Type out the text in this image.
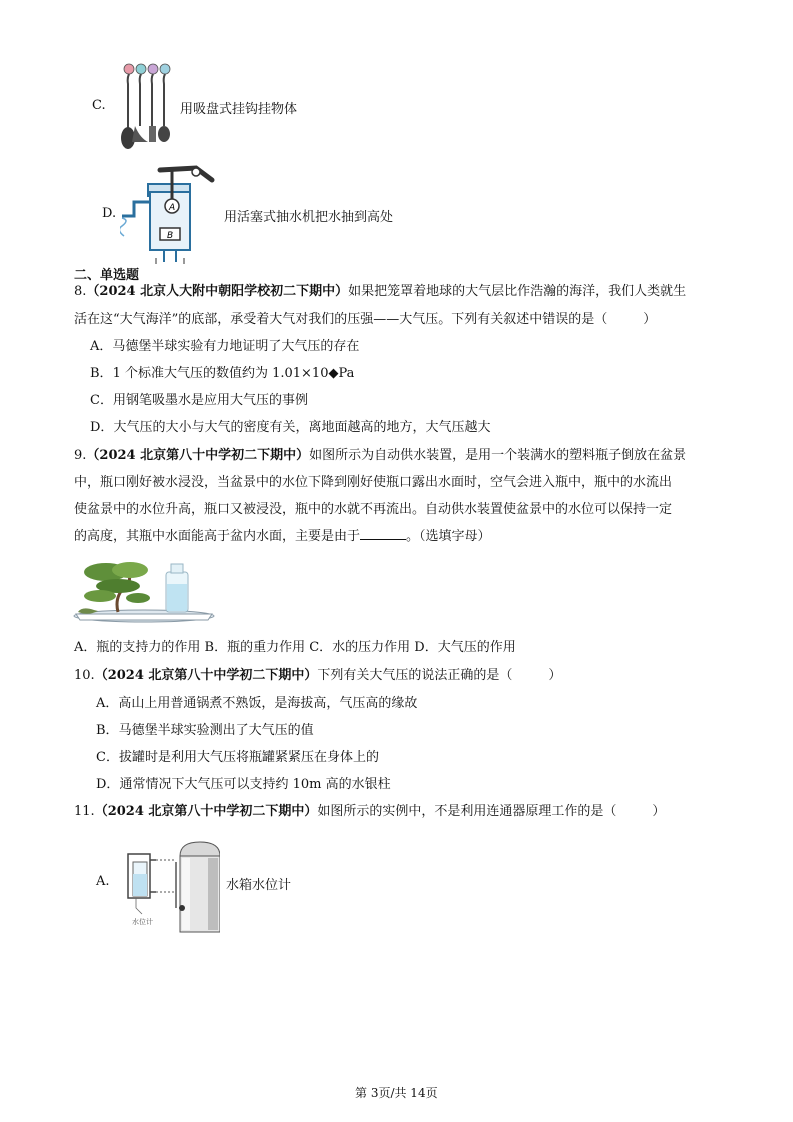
C.	用吸盘式挂钩挂物体
D.	A
B
用活塞式抽水机把水抽到高处
二、单选题
8.（2024 北京人大附中朝阳学校初二下期中）如果把笼罩着地球的大气层比作浩瀚的海洋，我们人类就生
活在这“大气海洋”的底部，承受着大气对我们的压强——大气压。下列有关叙述中错误的是（	）
A．马德堡半球实验有力地证明了大气压的存在
B．1 个标准大气压的数值约为 1.01×10◆Pa
C．用钢笔吸墨水是应用大气压的事例
D．大气压的大小与大气的密度有关，离地面越高的地方，大气压越大
9.（2024 北京第八十中学初二下期中）如图所示为自动供水装置，是用一个装满水的塑料瓶子倒放在盆景
中，瓶口刚好被水浸没，当盆景中的水位下降到刚好使瓶口露出水面时，空气会进入瓶中，瓶中的水流出
使盆景中的水位升高，瓶口又被浸没，瓶中的水就不再流出。自动供水装置使盆景中的水位可以保持一定
的高度，其瓶中水面能高于盆内水面，主要是由于	。（选填字母）
A．瓶的支持力的作用 B．瓶的重力作用 C．水的压力作用 D．大气压的作用
10.（2024 北京第八十中学初二下期中）下列有关大气压的说法正确的是（	）
A．高山上用普通锅煮不熟饭，是海拔高，气压高的缘故
B．马德堡半球实验测出了大气压的值
C．拔罐时是利用大气压将瓶罐紧紧压在身体上的
D．通常情况下大气压可以支持约 10m 高的水银柱
11.（2024 北京第八十中学初二下期中）如图所示的实例中，不是利用连通器原理工作的是（	）
A.
水位计
水箱水位计
第 3页/共 14页
